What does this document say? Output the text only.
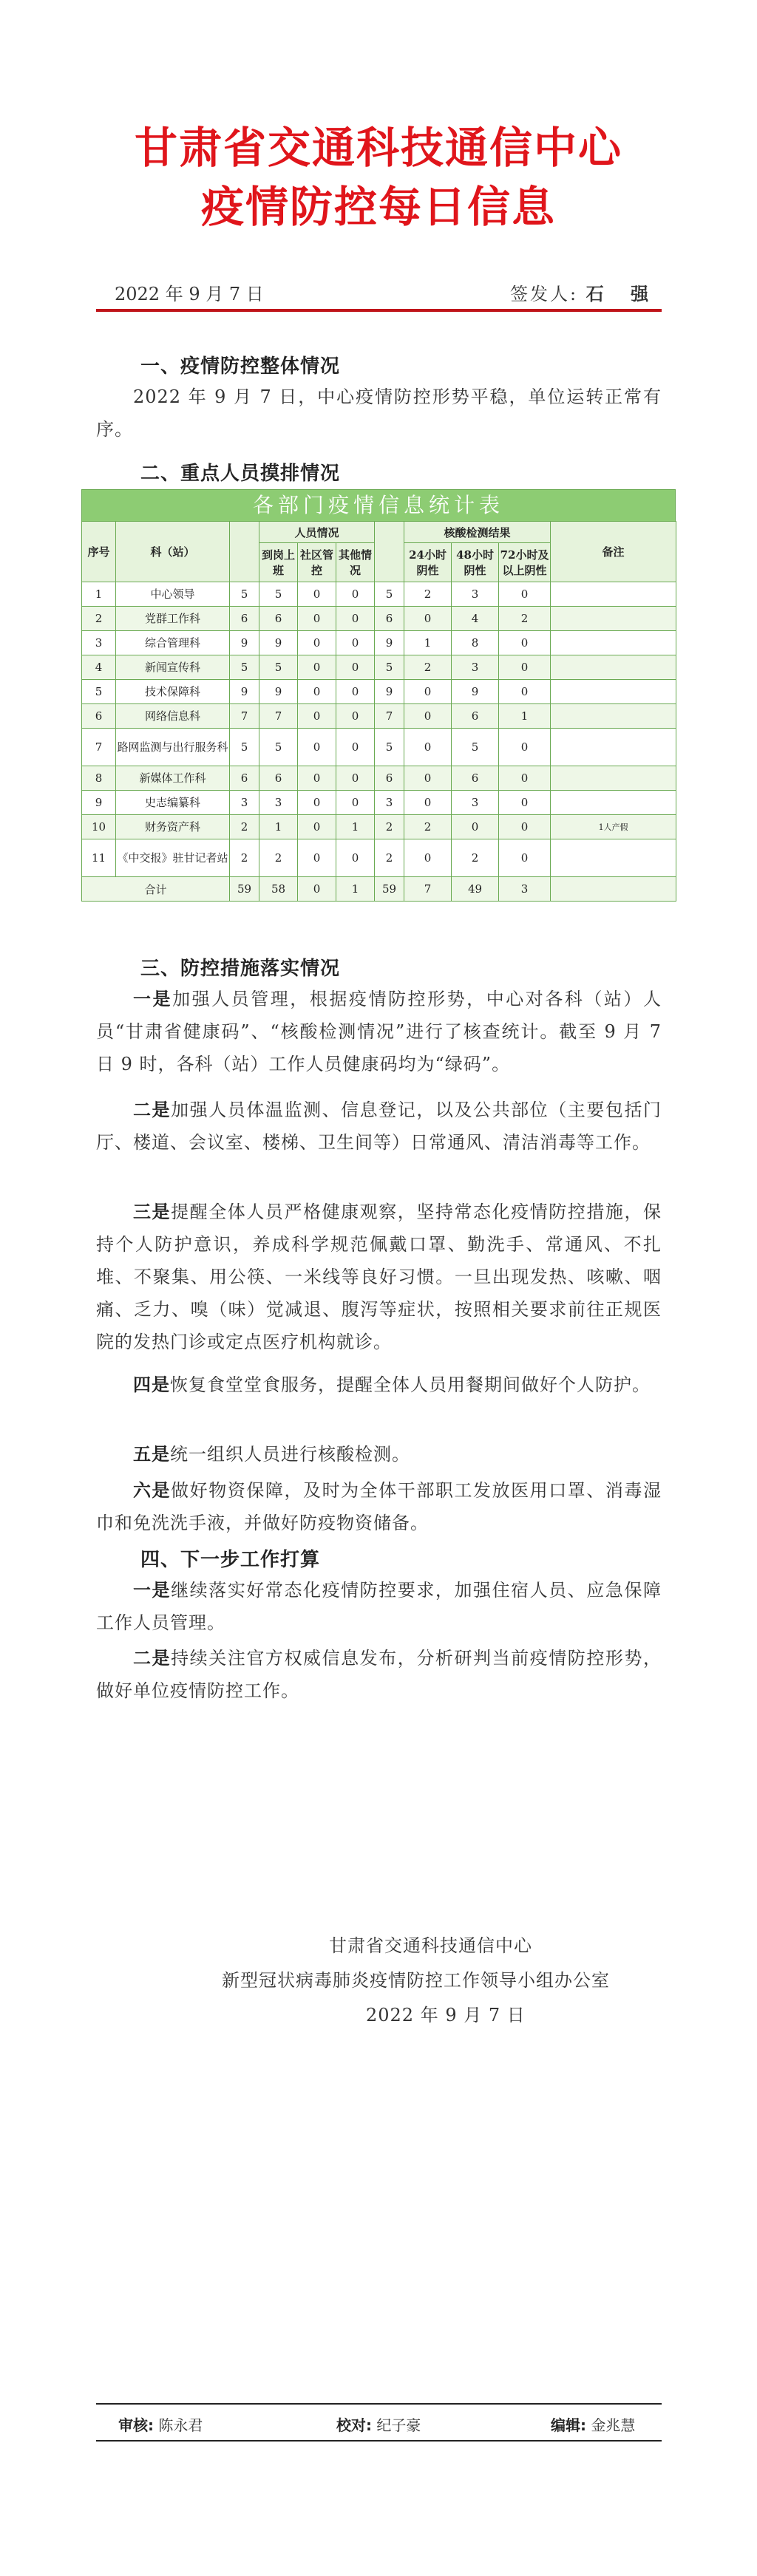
甘肃省交通科技通信中心
疫情防控每日信息
2022 年 9 月 7 日	签发人: 石 强
一、疫情防控整体情况
2022 年 9 月 7 日，中心疫情防控形势平稳，单位运转正常有序。
二、重点人员摸排情况
各部门疫情信息统计表
序号	科（站）		人员情况				核酸检测结果			备注
			到岗上班	社区管控	其他情况		24小时阴性	48小时阴性	72小时及以上阴性	
1	中心领导	5	5	0	0	5	2	3	0	
2	党群工作科	6	6	0	0	6	0	4	2	
3	综合管理科	9	9	0	0	9	1	8	0	
4	新闻宣传科	5	5	0	0	5	2	3	0	
5	技术保障科	9	9	0	0	9	0	9	0	
6	网络信息科	7	7	0	0	7	0	6	1	
7	路网监测与出行服务科	5	5	0	0	5	0	5	0	
8	新媒体工作科	6	6	0	0	6	0	6	0	
9	史志编纂科	3	3	0	0	3	0	3	0	
10	财务资产科	2	1	0	1	2	2	0	0	1人产假
11	《中交报》驻甘记者站	2	2	0	0	2	0	2	0	
合计		59	58	0	1	59	7	49	3	
三、防控措施落实情况
一是加强人员管理，根据疫情防控形势，中心对各科（站）人员“甘肃省健康码”、“核酸检测情况”进行了核查统计。截至 9 月 7 日 9 时，各科（站）工作人员健康码均为“绿码”。
二是加强人员体温监测、信息登记，以及公共部位（主要包括门厅、楼道、会议室、楼梯、卫生间等）日常通风、清洁消毒等工作。
三是提醒全体人员严格健康观察，坚持常态化疫情防控措施，保持个人防护意识，养成科学规范佩戴口罩、勤洗手、常通风、不扎堆、不聚集、用公筷、一米线等良好习惯。一旦出现发热、咳嗽、咽痛、乏力、嗅（味）觉减退、腹泻等症状，按照相关要求前往正规医院的发热门诊或定点医疗机构就诊。
四是恢复食堂堂食服务，提醒全体人员用餐期间做好个人防护。
五是统一组织人员进行核酸检测。
六是做好物资保障，及时为全体干部职工发放医用口罩、消毒湿巾和免洗洗手液，并做好防疫物资储备。
四、下一步工作打算
一是继续落实好常态化疫情防控要求，加强住宿人员、应急保障工作人员管理。
二是持续关注官方权威信息发布，分析研判当前疫情防控形势，做好单位疫情防控工作。
甘肃省交通科技通信中心
新型冠状病毒肺炎疫情防控工作领导小组办公室
2022 年 9 月 7 日
审核: 陈永君	校对: 纪子豪	编辑: 金兆慧
